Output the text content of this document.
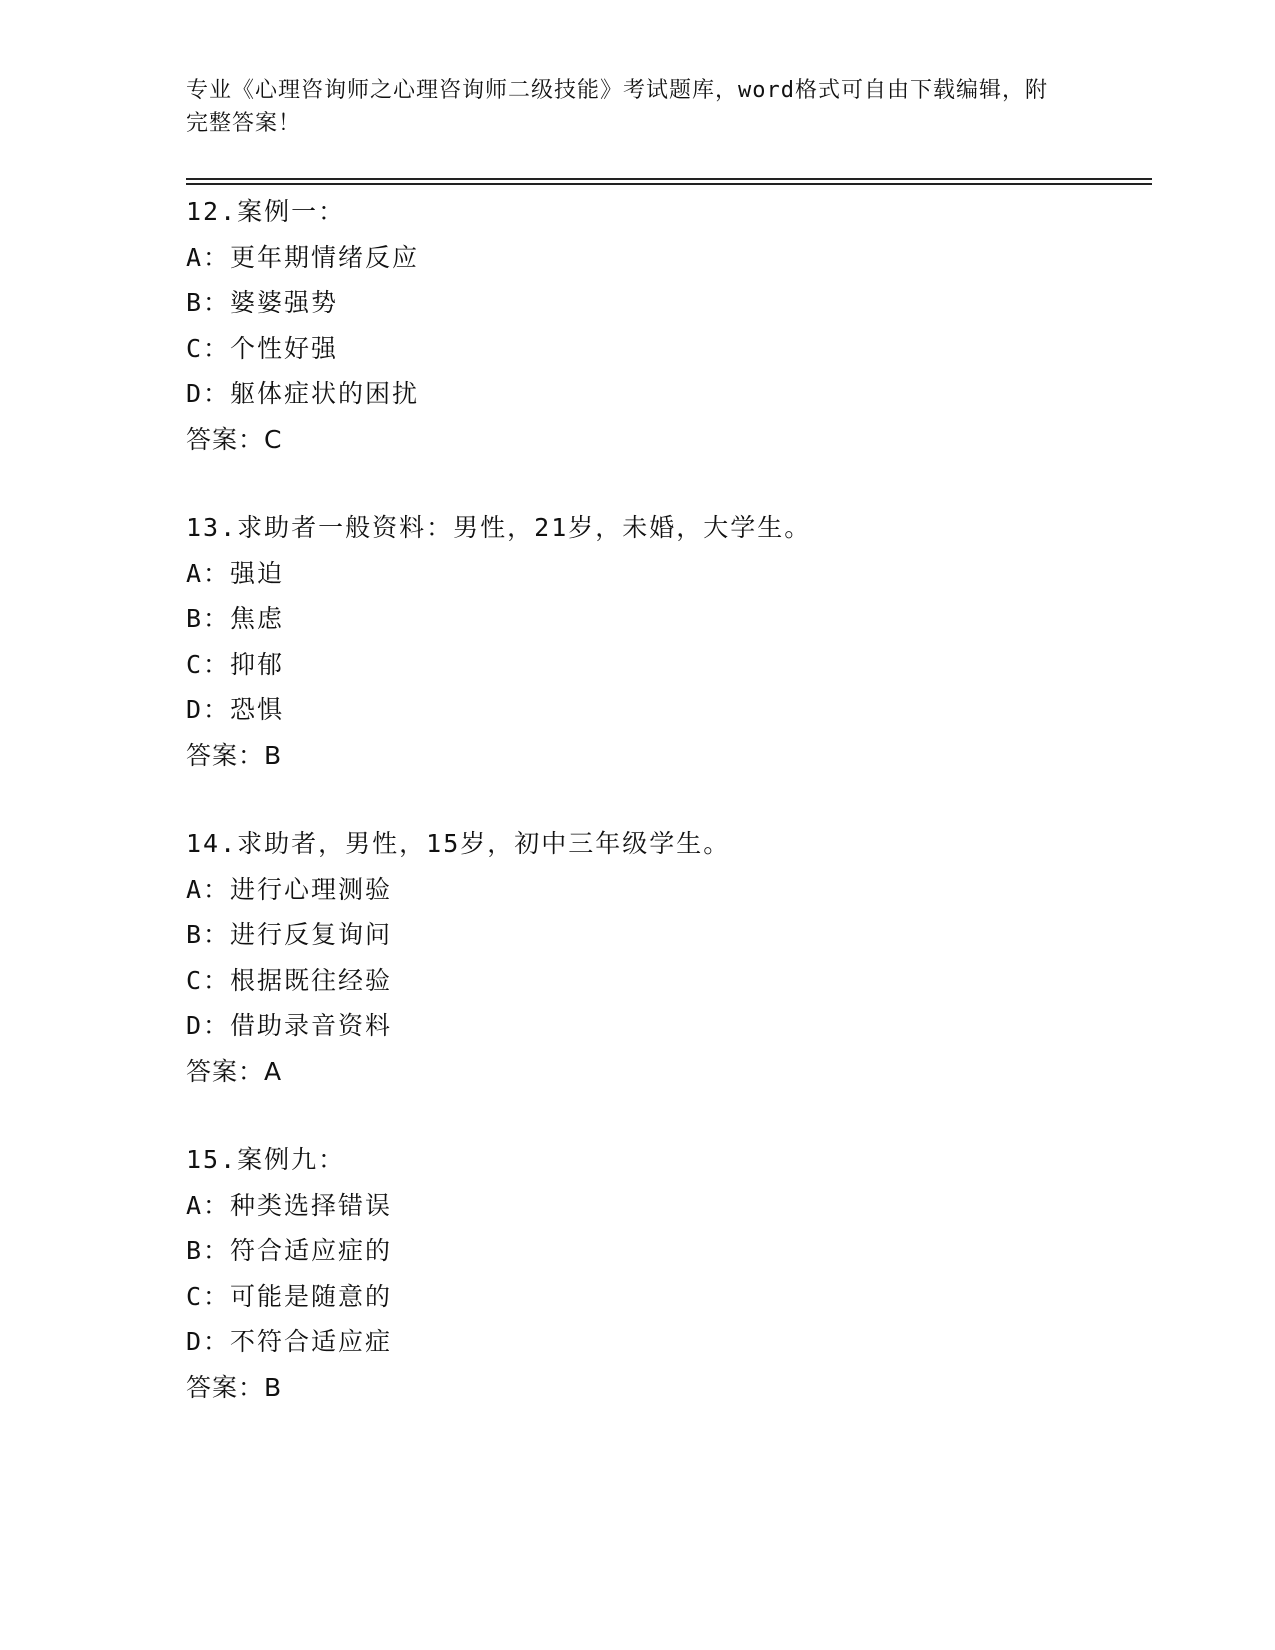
专业《心理咨询师之心理咨询师二级技能》考试题库，word格式可自由下载编辑，附完整答案！
12.案例一：
A： 更年期情绪反应
B： 婆婆强势
C： 个性好强
D： 躯体症状的困扰
答案：C
13.求助者一般资料：男性，21岁，未婚，大学生。
A： 强迫
B： 焦虑
C： 抑郁
D： 恐惧
答案：B
14.求助者，男性，15岁，初中三年级学生。
A： 进行心理测验
B： 进行反复询问
C： 根据既往经验
D： 借助录音资料
答案：A
15.案例九：
A： 种类选择错误
B： 符合适应症的
C： 可能是随意的
D： 不符合适应症
答案：B
